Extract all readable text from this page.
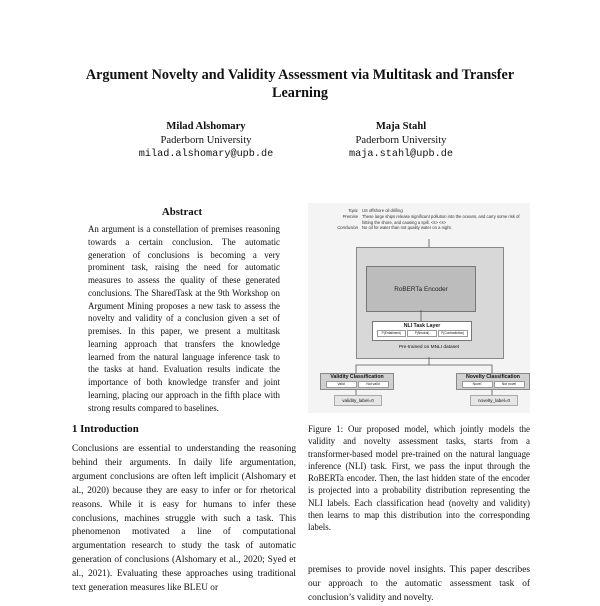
Argument Novelty and Validity Assessment via Multitask and Transfer Learning
Milad Alshomary
Paderborn University
milad.alshomary@upb.de
Maja Stahl
Paderborn University
maja.stahl@upb.de
Abstract
An argument is a constellation of premises reasoning towards a certain conclusion. The automatic generation of conclusions is becoming a very prominent task, raising the need for automatic measures to assess the quality of these generated conclusions. The SharedTask at the 9th Workshop on Argument Mining proposes a new task to assess the novelty and validity of a conclusion given a set of premises. In this paper, we present a multitask learning approach that transfers the knowledge learned from the natural language inference task to the tasks at hand. Evaluation results indicate the importance of both knowledge transfer and joint learning, placing our approach in the fifth place with strong results compared to baselines.
1 Introduction
Conclusions are essential to understanding the reasoning behind their arguments. In daily life argumentation, argument conclusions are often left implicit (Alshomary et al., 2020) because they are easy to infer or for rhetorical reasons. While it is easy for humans to infer these conclusions, machines struggle with such a task. This phenomenon motivated a line of computational argumentation research to study the task of automatic generation of conclusions (Alshomary et al., 2020; Syed et al., 2021). Evaluating these approaches using traditional text generation measures like BLEU or
Topic US offshore oil drilling
Premise These large ships release significant pollution into the oceans, and carry some risk of hitting the shore, and causing a spill. <s> <s>
Conclusion No oil for water than not quality water on a night.
RoBERTa Encoder
NLI Task Layer
P(Entailment)	P(Neutral)	P(Contradiction)
Pre-trained on MNLI dataset
Validity Classification
Valid	Not valid
validity_label=0
Novelty Classification
Novel	Not novel
novelty_label=0
Figure 1: Our proposed model, which jointly models the validity and novelty assessment tasks, starts from a transformer-based model pre-trained on the natural language inference (NLI) task. First, we pass the input through the RoBERTa encoder. Then, the last hidden state of the encoder is projected into a probability distribution representing the NLI labels. Each classification head (novelty and validity) then learns to map this distribution into the corresponding labels.
premises to provide novel insights. This paper describes our approach to the automatic assessment task of conclusion’s validity and novelty.
